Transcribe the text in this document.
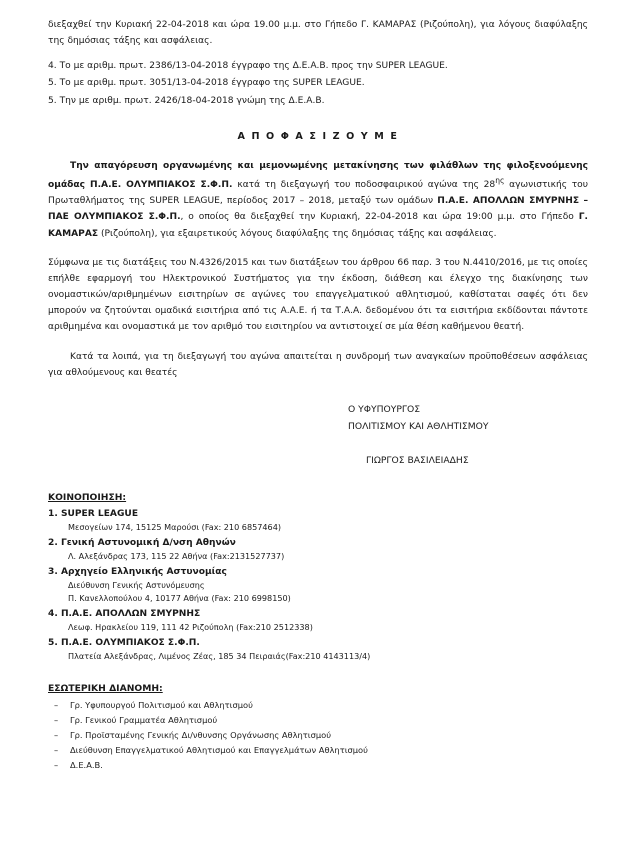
διεξαχθεί την Κυριακή 22-04-2018 και ώρα 19.00 μ.μ. στο Γήπεδο Γ. ΚΑΜΑΡΑΣ (Ριζούπολη), για λόγους διαφύλαξης της δημόσιας τάξης και ασφάλειας.

4. Το με αριθμ. πρωτ. 2386/13-04-2018 έγγραφο της Δ.Ε.Α.Β. προς την SUPER LEAGUE.

5. Το με αριθμ. πρωτ. 3051/13-04-2018 έγγραφο της SUPER LEAGUE.

5. Την με αριθμ. πρωτ. 2426/18-04-2018 γνώμη της Δ.Ε.Α.Β.

Α Π Ο Φ Α Σ Ι Ζ Ο Υ Μ Ε

Την απαγόρευση οργανωμένης και μεμονωμένης μετακίνησης των φιλάθλων της φιλοξενούμενης ομάδας Π.Α.Ε. ΟΛΥΜΠΙΑΚΟΣ Σ.Φ.Π. κατά τη διεξαγωγή του ποδοσφαιρικού αγώνα της $28^{\eta\varsigma}$ αγωνιστικής του Πρωταθλήματος της SUPER LEAGUE, περίοδος 2017 – 2018, μεταξύ των ομάδων Π.Α.Ε. ΑΠΟΛΛΩΝ ΣΜΥΡΝΗΣ – ΠΑΕ ΟΛΥΜΠΙΑΚΟΣ Σ.Φ.Π., ο οποίος θα διεξαχθεί την Κυριακή, 22-04-2018 και ώρα 19:00 μ.μ. στο Γήπεδο Γ. ΚΑΜΑΡΑΣ (Ριζούπολη), για εξαιρετικούς λόγους διαφύλαξης της δημόσιας τάξης και ασφάλειας.

Σύμφωνα με τις διατάξεις του Ν.4326/2015 και των διατάξεων του άρθρου 66 παρ. 3 του Ν.4410/2016, με τις οποίες επήλθε εφαρμογή του Ηλεκτρονικού Συστήματος για την έκδοση, διάθεση και έλεγχο της διακίνησης των ονομαστικών/αριθμημένων εισιτηρίων σε αγώνες του επαγγελματικού αθλητισμού, καθίσταται σαφές ότι δεν μπορούν να ζητούνται ομαδικά εισιτήρια από τις Α.Α.Ε. ή τα Τ.Α.Α. δεδομένου ότι τα εισιτήρια εκδίδονται πάντοτε αριθμημένα και ονομαστικά με τον αριθμό του εισιτηρίου να αντιστοιχεί σε μία θέση καθήμενου θεατή.

Κατά τα λοιπά, για τη διεξαγωγή του αγώνα απαιτείται η συνδρομή των αναγκαίων προϋποθέσεων ασφάλειας για αθλούμενους και θεατές

Ο ΥΦΥΠΟΥΡΓΟΣ
ΠΟΛΙΤΙΣΜΟΥ ΚΑΙ ΑΘΛΗΤΙΣΜΟΥ
ΓΙΩΡΓΟΣ ΒΑΣΙΛΕΙΑΔΗΣ
ΚΟΙΝΟΠΟΙΗΣΗ:
1. SUPER LEAGUE
Μεσογείων 174, 15125 Μαρούσι (Fax: 210 6857464)
2. Γενική Αστυνομική Δ/νση Αθηνών
Λ. Αλεξάνδρας 173, 115 22 Αθήνα (Fax:2131527737)
3. Αρχηγείο Ελληνικής Αστυνομίας
Διεύθυνση Γενικής Αστυνόμευσης
Π. Κανελλοπούλου 4, 10177 Αθήνα (Fax: 210 6998150)
4. Π.Α.Ε. ΑΠΟΛΛΩΝ ΣΜΥΡΝΗΣ
Λεωφ. Ηρακλείου 119, 111 42 Ριζούπολη (Fax:210 2512338)
5. Π.Α.Ε. ΟΛΥΜΠΙΑΚΟΣ Σ.Φ.Π.
Πλατεία Αλεξάνδρας, Λιμένος Ζέας, 185 34 Πειραιάς(Fax:210 4143113/4)
ΕΣΩΤΕΡΙΚΗ ΔΙΑΝΟΜΗ:
– Γρ. Υφυπουργού Πολιτισμού και Αθλητισμού
– Γρ. Γενικού Γραμματέα Αθλητισμού
– Γρ. Προϊσταμένης Γενικής Δι/νθυνσης Οργάνωσης Αθλητισμού
– Διεύθυνση Επαγγελματικού Αθλητισμού και Επαγγελμάτων Αθλητισμού
– Δ.Ε.Α.Β.
